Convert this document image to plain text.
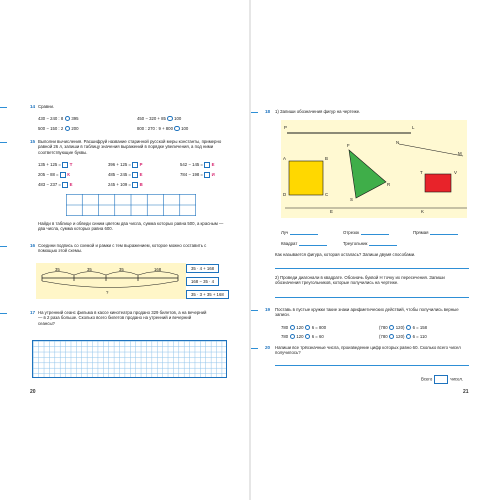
14 Сравни.
430 − 240 : 8 395	450 − 320 + 85 100
500 − 150 : 2 200	800 : 270 : 9 + 800 100
15 Выполни вычисления. Расшифруй название старинной русской меры константы, примерно равной 26 л, запиши в таблицу значения выражений в порядке увеличения, а под ними соответствующие буквы.
135 + 125 = Т	396 + 125 = Р	542 − 145 = Е
205 − 88 = К	485 − 245 = Е	784 − 198 = И
483 − 237 = Е	245 + 109 = В
Найди в таблице и обведи синим цветом два числа, сумма которых равна 500, а красным — два числа, сумма которых равна 600.
16 Соедини подпись со схемой и рамки с тем выражением, которое можно составить с помощью этой схемы.
35	35	35	168
?
35 · 4 + 168
168 − 35 · 4
35 · 3 + 35 + 168
17 На утренний сеанс фильма в кассе кинотеатра продано 329 билетов, а на вечерний — в 2 раза больше. Сколько всего билетов продано на утренний и вечерний сеансы?
20
18 1) Запиши обозначения фигур на чертеже.
P	L
N
M
F
A	B
C
D
R
S
T
E	K
V
Луч	Отрезок	Прямая
Квадрат	Треугольник
Как называется фигура, которая осталась? Запиши двумя способами.
2) Проведи диагонали в квадрате. Обозначь буквой H точку их пересечения. Запиши обозначения треугольников, которые получились на чертеже.
19 Поставь в пустые кружки такие знаки арифметических действий, чтобы получились верные записи.
780 120 6 = 800	(780 120) 6 = 158
780 120 6 = 60	(780 120) 6 = 110
20 Напиши все трёхзначные числа, произведение цифр которых равно 60. Сколько всего чисел получилось?
Всего	чисел.
21
